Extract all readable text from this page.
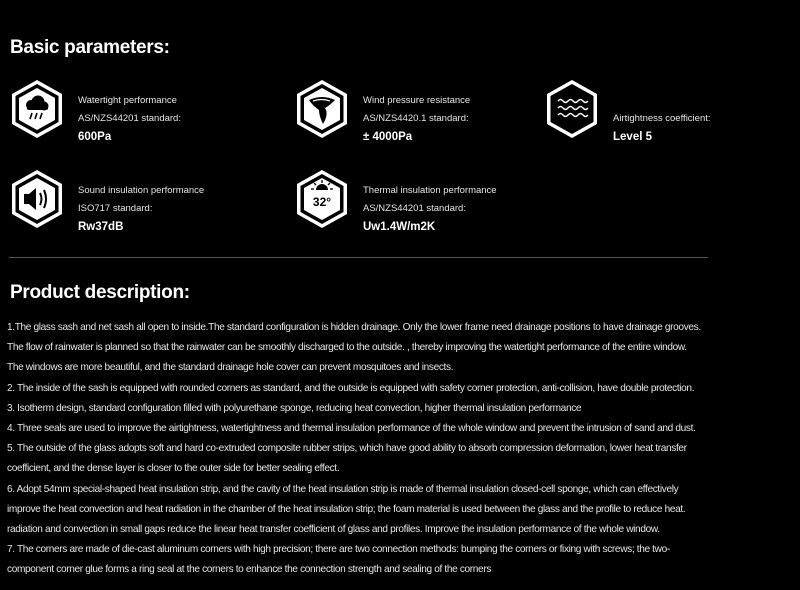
Basic parameters:
Watertight performance
AS/NZS44201 standard:
600Pa
Wind pressure resistance
AS/NZS4420.1 standard:
± 4000Pa
Airtightness coefficient:
Level 5
Sound insulation performance
ISO717 standard:
Rw37dB
32°
Thermal insulation performance
AS/NZS44201 standard:
Uw1.4W/m2K
Product description:
1.The glass sash and net sash all open to inside.The standard configuration is hidden drainage. Only the lower frame need drainage positions to have drainage grooves.
The flow of rainwater is planned so that the rainwater can be smoothly discharged to the outside. , thereby improving the watertight performance of the entire window.
The windows are more beautiful, and the standard drainage hole cover can prevent mosquitoes and insects.
2. The inside of the sash is equipped with rounded corners as standard, and the outside is equipped with safety corner protection, anti-collision, have double protection.
3. Isotherm design, standard configuration filled with polyurethane sponge, reducing heat convection, higher thermal insulation performance
4. Three seals are used to improve the airtightness, watertightness and thermal insulation performance of the whole window and prevent the intrusion of sand and dust.
5. The outside of the glass adopts soft and hard co-extruded composite rubber strips, which have good ability to absorb compression deformation, lower heat transfer
coefficient, and the dense layer is closer to the outer side for better sealing effect.
6. Adopt 54mm special-shaped heat insulation strip, and the cavity of the heat insulation strip is made of thermal insulation closed-cell sponge, which can effectively
improve the heat convection and heat radiation in the chamber of the heat insulation strip; the foam material is used between the glass and the profile to reduce heat.
radiation and convection in small gaps reduce the linear heat transfer coefficient of glass and profiles. Improve the insulation performance of the whole window.
7. The corners are made of die-cast aluminum corners with high precision; there are two connection methods: bumping the corners or fixing with screws; the two-
component corner glue forms a ring seal at the corners to enhance the connection strength and sealing of the corners
